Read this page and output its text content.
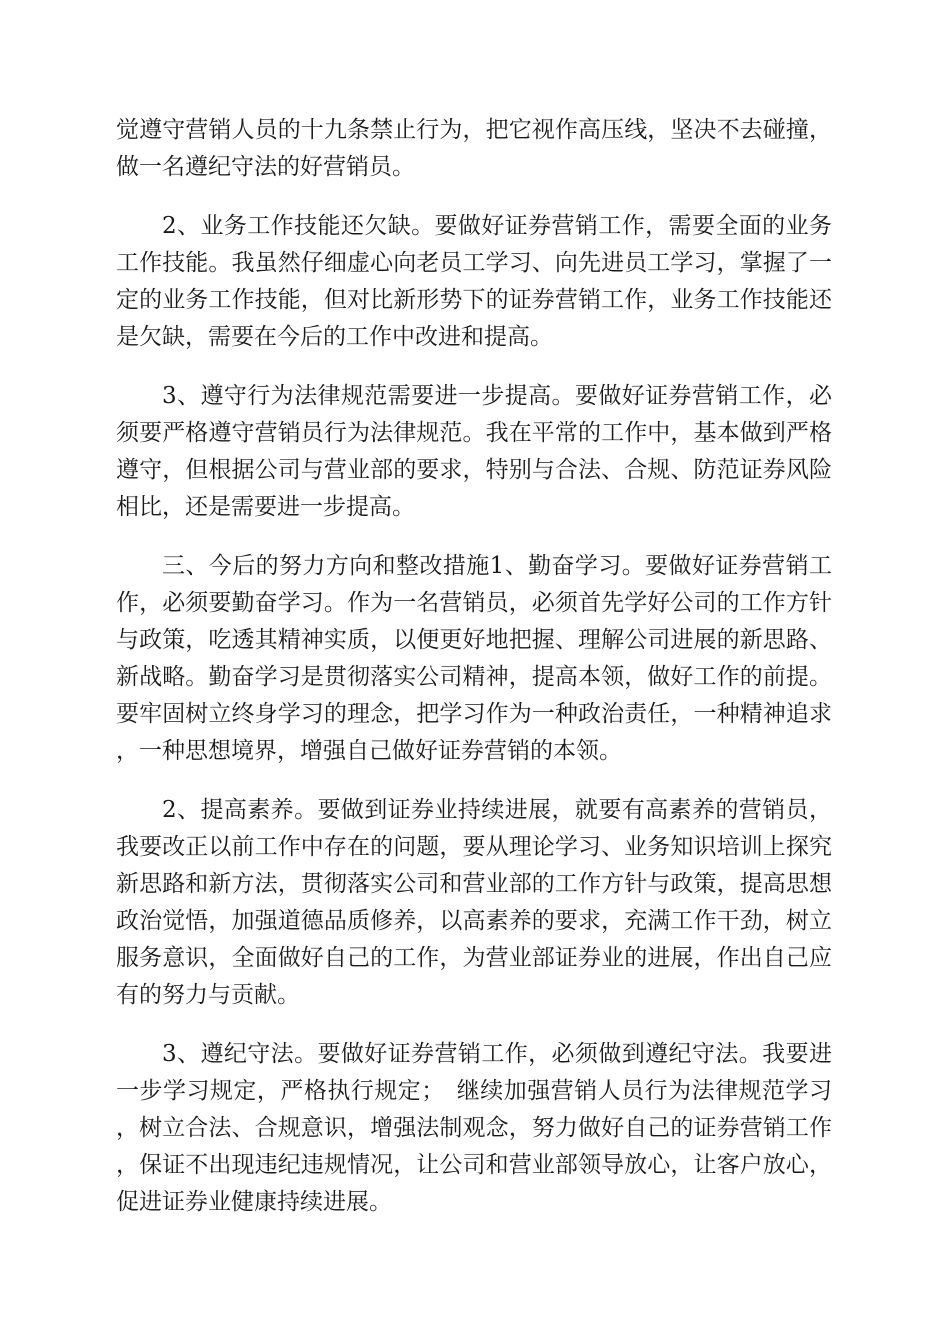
觉遵守营销人员的十九条禁止行为，把它视作高压线，坚决不去碰撞，做一名遵纪守法的好营销员。

2、业务工作技能还欠缺。要做好证券营销工作，需要全面的业务工作技能。我虽然仔细虚心向老员工学习、向先进员工学习，掌握了一定的业务工作技能，但对比新形势下的证券营销工作，业务工作技能还是欠缺，需要在今后的工作中改进和提高。

3、遵守行为法律规范需要进一步提高。要做好证券营销工作，必须要严格遵守营销员行为法律规范。我在平常的工作中，基本做到严格遵守，但根据公司与营业部的要求，特别与合法、合规、防范证券风险相比，还是需要进一步提高。

三、今后的努力方向和整改措施1、勤奋学习。要做好证券营销工作，必须要勤奋学习。作为一名营销员，必须首先学好公司的工作方针与政策，吃透其精神实质，以便更好地把握、理解公司进展的新思路、新战略。勤奋学习是贯彻落实公司精神，提高本领，做好工作的前提。要牢固树立终身学习的理念，把学习作为一种政治责任，一种精神追求，一种思想境界，增强自己做好证券营销的本领。

2、提高素养。要做到证券业持续进展，就要有高素养的营销员，我要改正以前工作中存在的问题，要从理论学习、业务知识培训上探究新思路和新方法，贯彻落实公司和营业部的工作方针与政策，提高思想政治觉悟，加强道德品质修养，以高素养的要求，充满工作干劲，树立服务意识，全面做好自己的工作，为营业部证券业的进展，作出自己应有的努力与贡献。

3、遵纪守法。要做好证券营销工作，必须做到遵纪守法。我要进一步学习规定，严格执行规定；　继续加强营销人员行为法律规范学习，树立合法、合规意识，增强法制观念，努力做好自己的证券营销工作，保证不出现违纪违规情况，让公司和营业部领导放心，让客户放心，促进证券业健康持续进展。
